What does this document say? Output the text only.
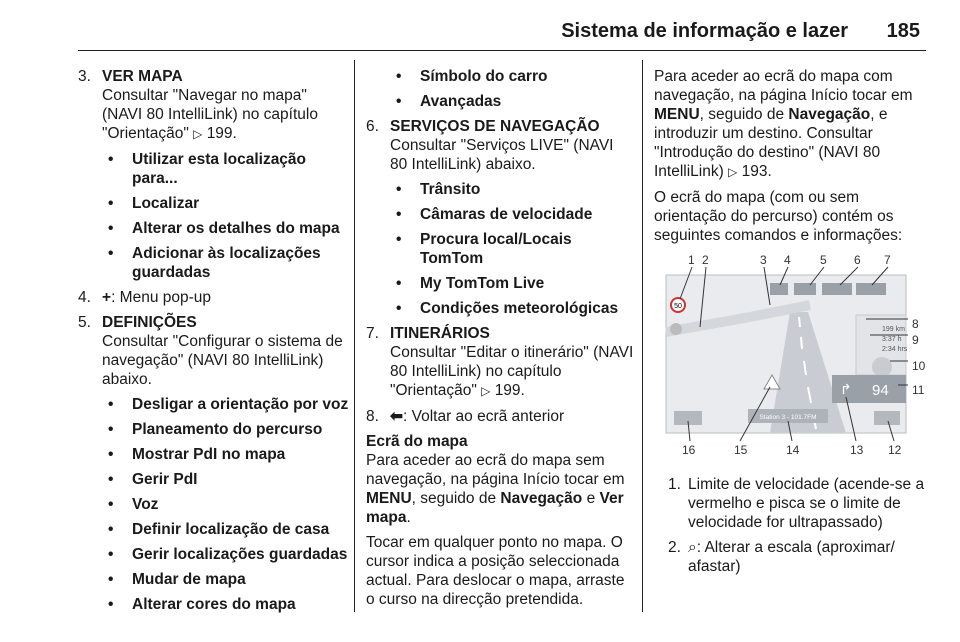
Sistema de informação e lazer 185
3. VER MAPA
Consultar "Navegar no mapa" (NAVI 80 IntelliLink) no capítulo "Orientação" ▷ 199.
• Utilizar esta localização para...
• Localizar
• Alterar os detalhes do mapa
• Adicionar às localizações guardadas
4. +: Menu pop-up
5. DEFINIÇÕES
Consultar "Configurar o sistema de navegação" (NAVI 80 IntelliLink) abaixo.
• Desligar a orientação por voz
• Planeamento do percurso
• Mostrar PdI no mapa
• Gerir PdI
• Voz
• Definir localização de casa
• Gerir localizações guardadas
• Mudar de mapa
• Alterar cores do mapa
• Símbolo do carro
• Avançadas
6. SERVIÇOS DE NAVEGAÇÃO
Consultar "Serviços LIVE" (NAVI 80 IntelliLink) abaixo.
• Trânsito
• Câmaras de velocidade
• Procura local/Locais TomTom
• My TomTom Live
• Condições meteorológicas
7. ITINERÁRIOS
Consultar "Editar o itinerário" (NAVI 80 IntelliLink) no capítulo "Orientação" ▷ 199.
8. ⬅: Voltar ao ecrã anterior
Ecrã do mapa

Para aceder ao ecrã do mapa sem navegação, na página Início tocar em MENU, seguido de Navegação e Ver mapa.

Tocar em qualquer ponto no mapa. O cursor indica a posição seleccionada actual. Para deslocar o mapa, arraste o curso na direcção pretendida.

Para aceder ao ecrã do mapa com navegação, na página Início tocar em MENU, seguido de Navegação, e introduzir um destino. Consultar "Introdução do destino" (NAVI 80 IntelliLink) ▷ 193.

O ecrã do mapa (com ou sem orientação do percurso) contém os seguintes comandos e informações:

50
199 km
3:37 h
2:34 hrs
↱ 94
Station 3 - 101.7FM
1 2	3 4 5 6 7
8
9
10
11
16	15	14	13 12
1. Limite de velocidade (acende-se a vermelho e pisca se o limite de velocidade for ultrapassado)
2. ⌕: Alterar a escala (aproximar/ afastar)
